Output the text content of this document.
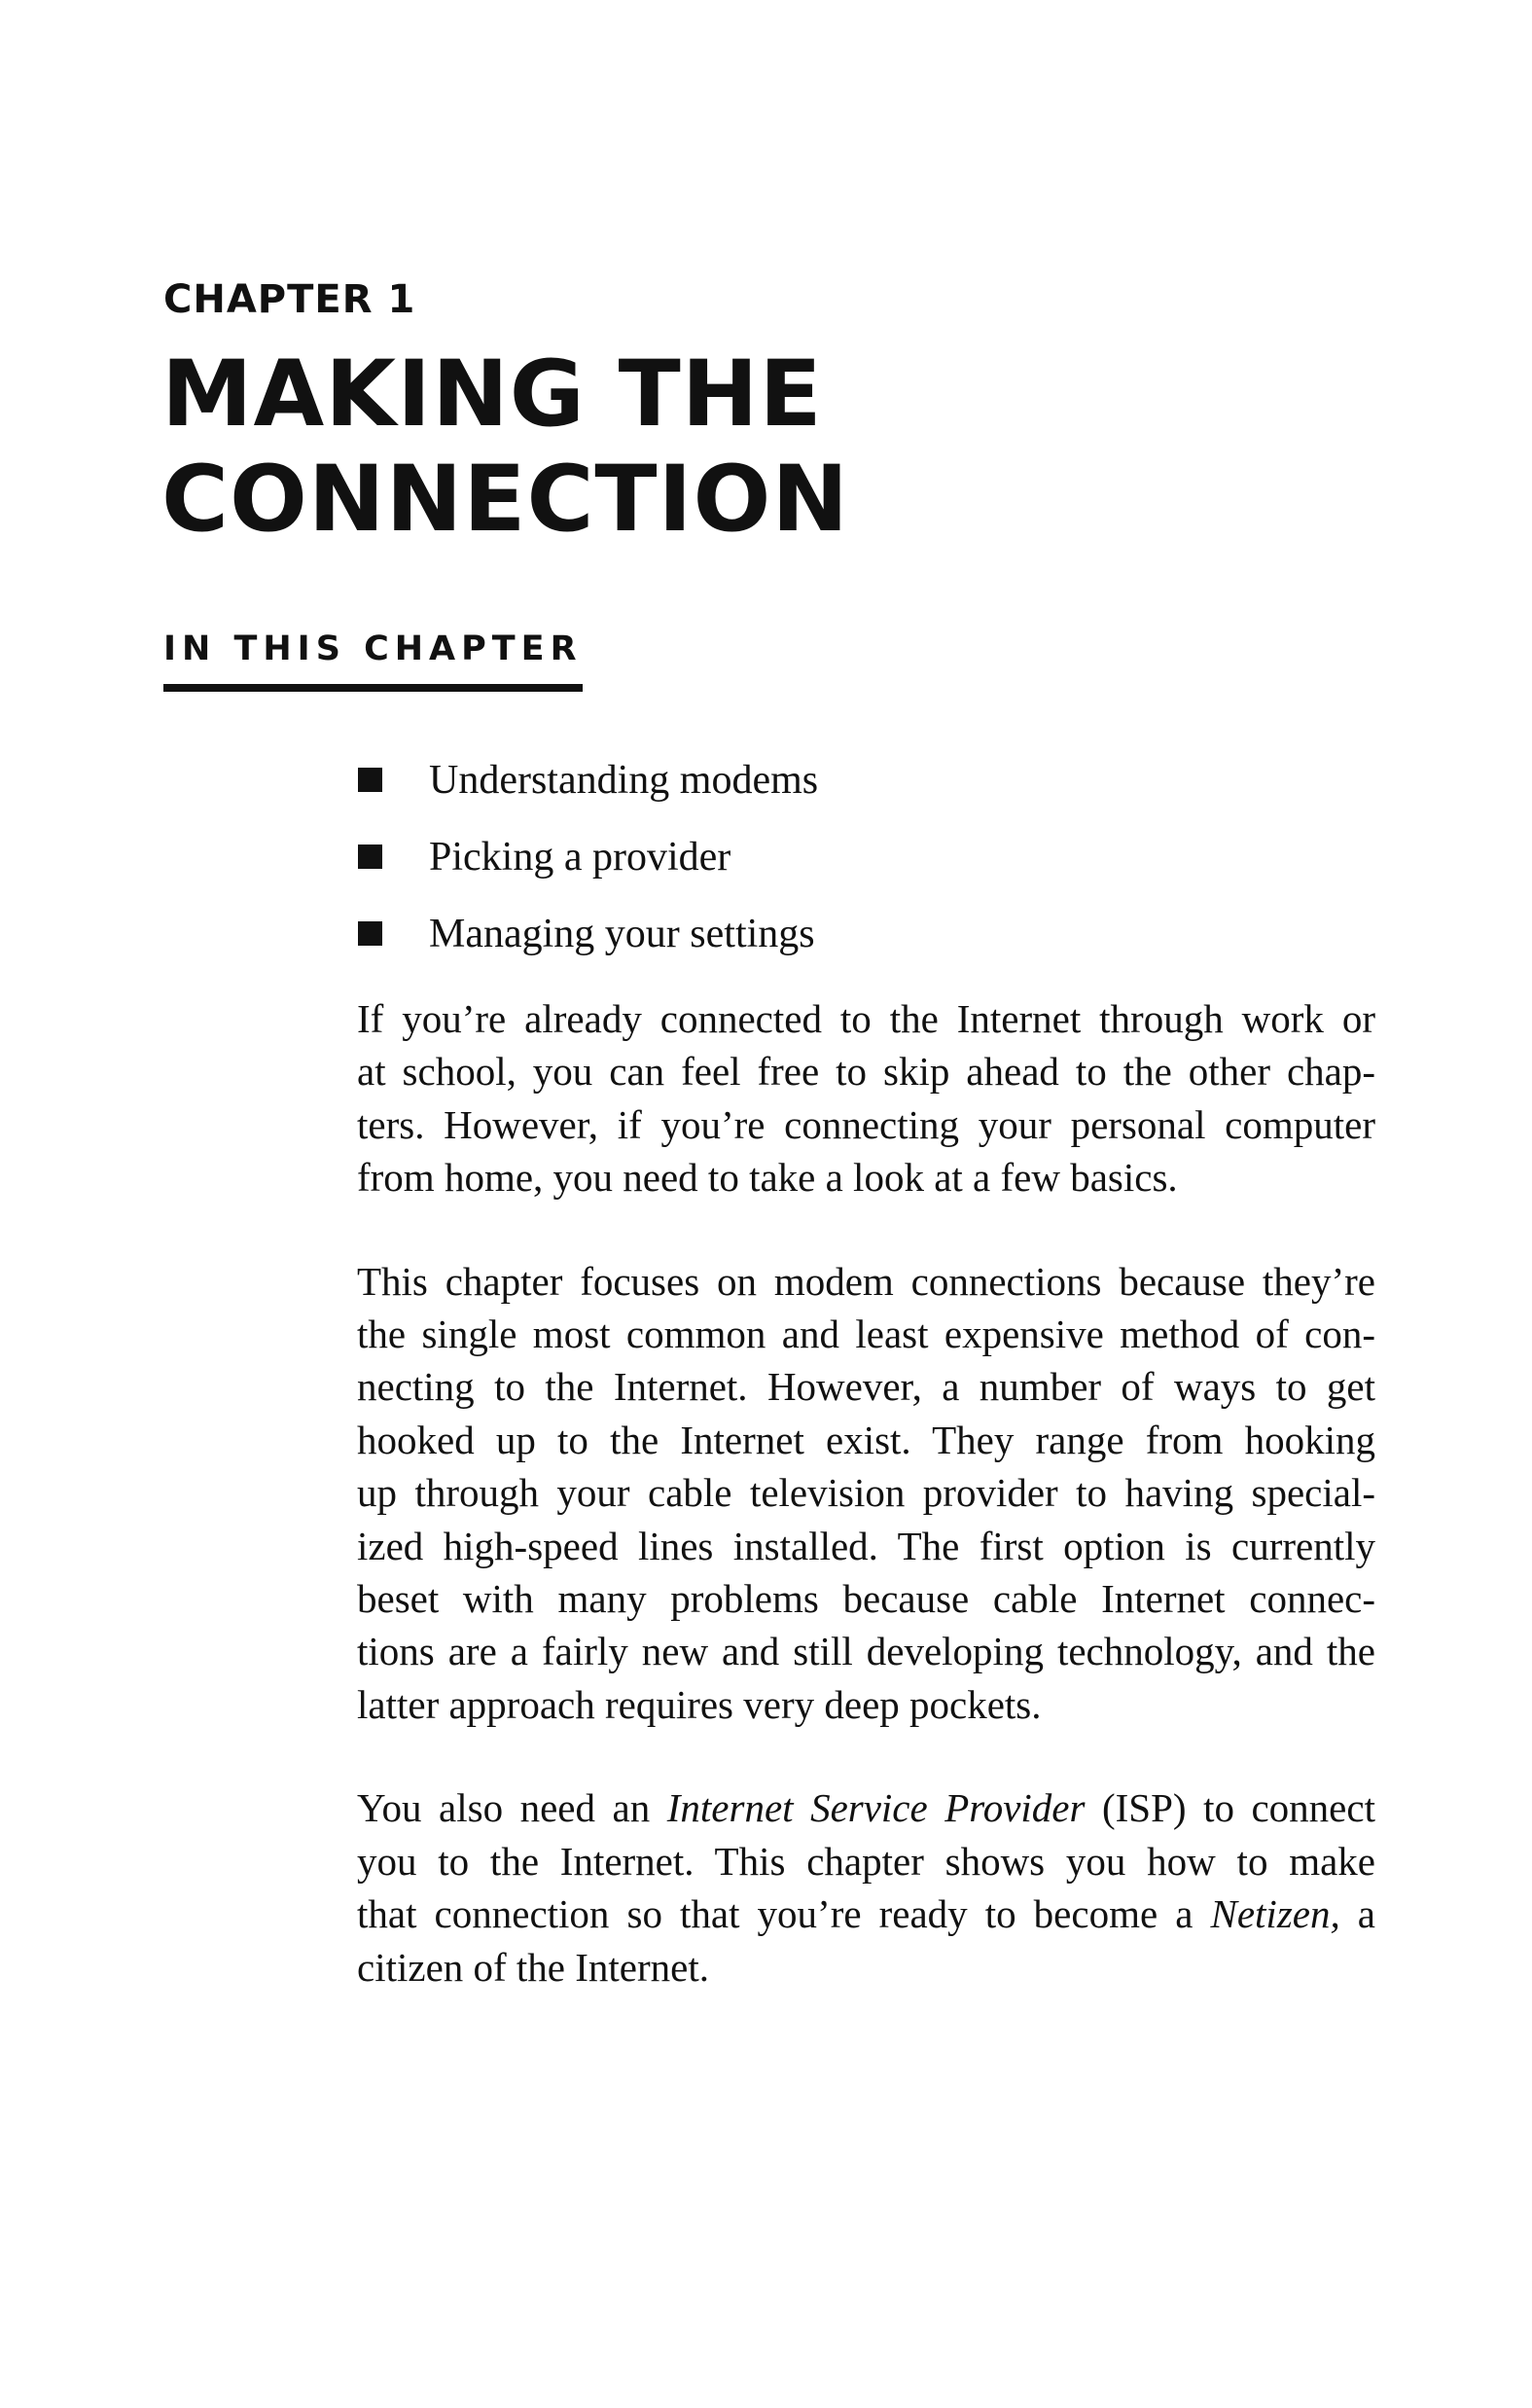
CHAPTER 1
MAKING THE
CONNECTION
IN THIS CHAPTER
Understanding modems
Picking a provider
Managing your settings

If you’re already connected to the Internet through work or
at school, you can feel free to skip ahead to the other chap-
ters. However, if you’re connecting your personal computer
from home, you need to take a look at a few basics.

This chapter focuses on modem connections because they’re
the single most common and least expensive method of con-
necting to the Internet. However, a number of ways to get
hooked up to the Internet exist. They range from hooking
up through your cable television provider to having special-
ized high-speed lines installed. The first option is currently
beset with many problems because cable Internet connec-
tions are a fairly new and still developing technology, and the
latter approach requires very deep pockets.

You also need an Internet Service Provider (ISP) to connect
you to the Internet. This chapter shows you how to make
that connection so that you’re ready to become a Netizen, a
citizen of the Internet.
